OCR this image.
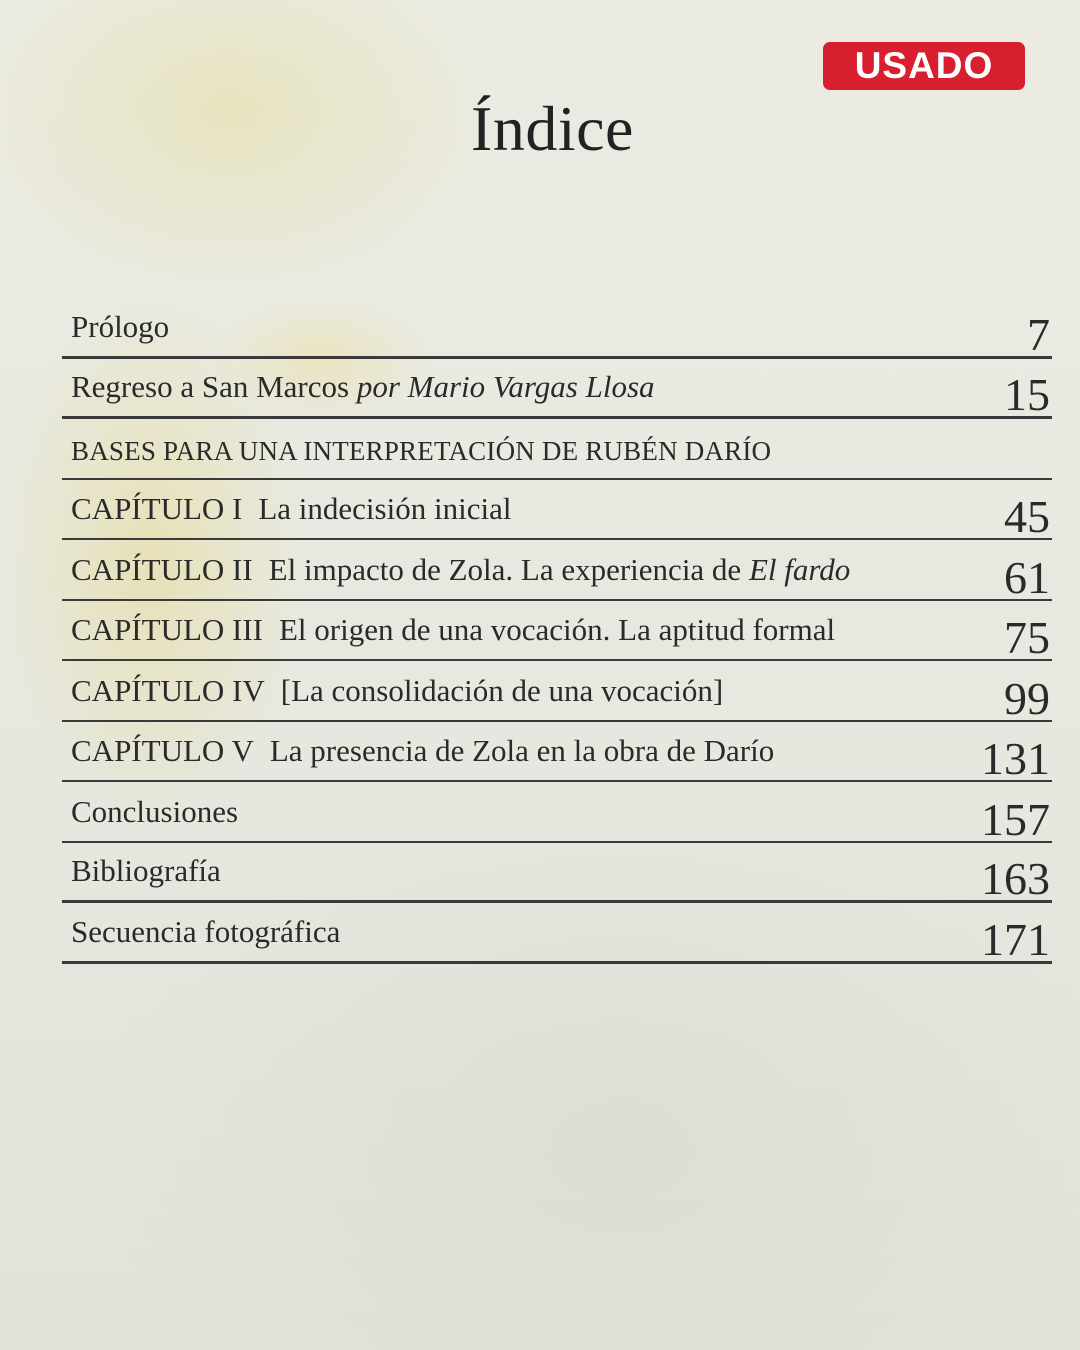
USADO
Índice
Prólogo	7
Regreso a San Marcos por Mario Vargas Llosa	15
BASES PARA UNA INTERPRETACIÓN DE RUBÉN DARÍO
CAPÍTULO I La indecisión inicial	45
CAPÍTULO II El impacto de Zola. La experiencia de El fardo	61
CAPÍTULO III El origen de una vocación. La aptitud formal	75
CAPÍTULO IV [La consolidación de una vocación]	99
CAPÍTULO V La presencia de Zola en la obra de Darío	131
Conclusiones	157
Bibliografía	163
Secuencia fotográfica	171
